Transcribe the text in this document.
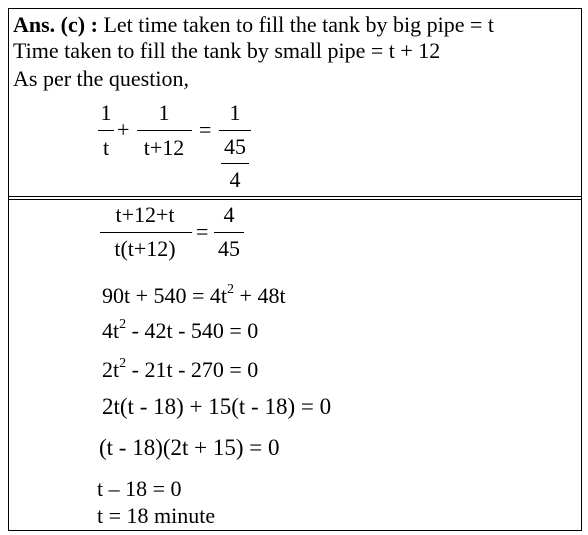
Ans. (c) : Let time taken to fill the tank by big pipe = t
Time taken to fill the tank by small pipe = t + 12
As per the question,
1
t
+
1
t+12
=
1
45
4
t+12+t
t(t+12)
=
4
45
$90t + 540 = 4t^2 + 48t$
$4t^2 - 42t - 540 = 0$
$2t^2 - 21t - 270 = 0$
2t(t - 18) + 15(t - 18) = 0
(t - 18)(2t + 15) = 0
t – 18 = 0
t = 18 minute
